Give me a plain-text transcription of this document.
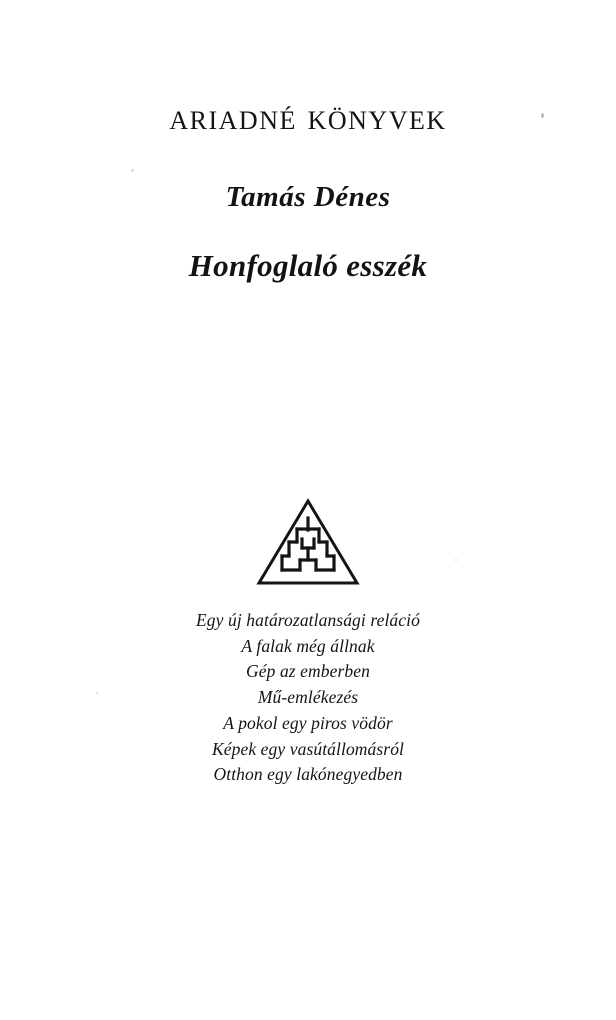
ariadné könyvek
Tamás Dénes
Honfoglaló esszék
Egy új határozatlansági reláció
A falak még állnak
Gép az emberben
Mű-emlékezés
A pokol egy piros vödör
Képek egy vasútállomásról
Otthon egy lakónegyedben
